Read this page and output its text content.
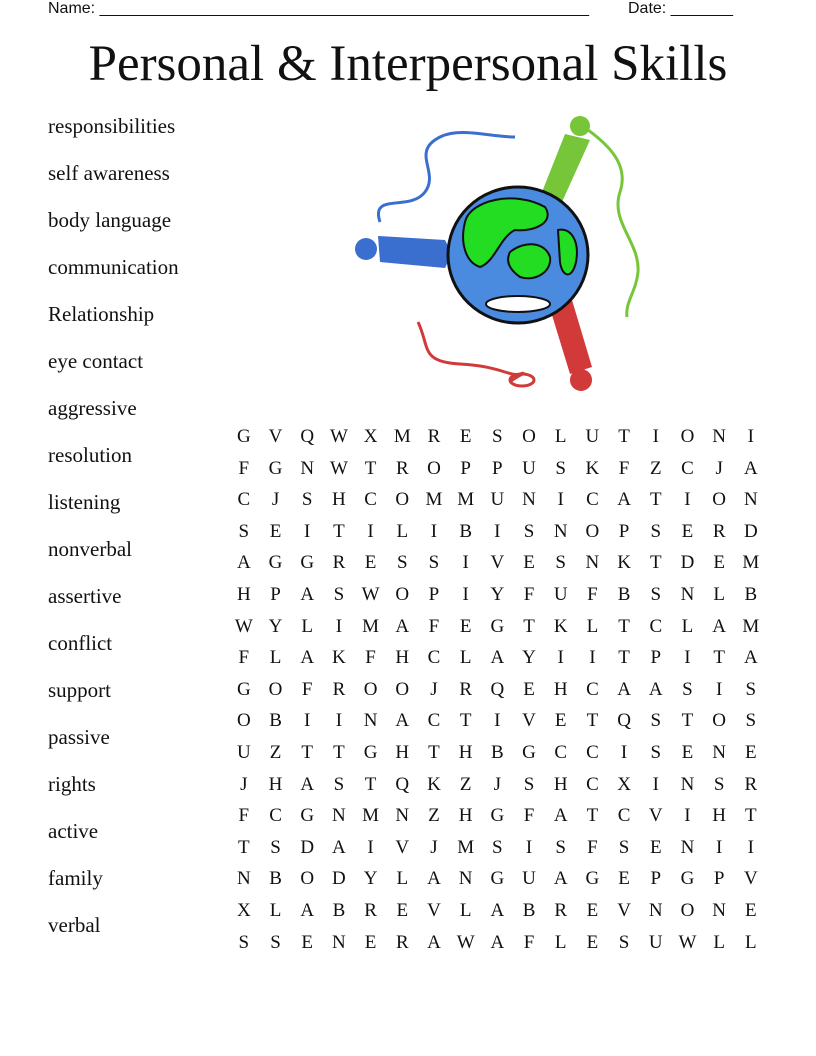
Name: _______________________________________________________ Date: _______
Personal & Interpersonal Skills
responsibilities
self awareness
body language
communication
Relationship
eye contact
aggressive
resolution
listening
nonverbal
assertive
conflict
support
passive
rights
active
family
verbal
G	V	Q	W	X	M	R	E	S	O	L	U	T	I	O	N	I
F	G	N	W	T	R	O	P	P	U	S	K	F	Z	C	J	A
C	J	S	H	C	O	M	M	U	N	I	C	A	T	I	O	N
S	E	I	T	I	L	I	B	I	S	N	O	P	S	E	R	D
A	G	G	R	E	S	S	I	V	E	S	N	K	T	D	E	M
H	P	A	S	W	O	P	I	Y	F	U	F	B	S	N	L	B
W	Y	L	I	M	A	F	E	G	T	K	L	T	C	L	A	M
F	L	A	K	F	H	C	L	A	Y	I	I	T	P	I	T	A
G	O	F	R	O	O	J	R	Q	E	H	C	A	A	S	I	S
O	B	I	I	N	A	C	T	I	V	E	T	Q	S	T	O	S
U	Z	T	T	G	H	T	H	B	G	C	C	I	S	E	N	E
J	H	A	S	T	Q	K	Z	J	S	H	C	X	I	N	S	R
F	C	G	N	M	N	Z	H	G	F	A	T	C	V	I	H	T
T	S	D	A	I	V	J	M	S	I	S	F	S	E	N	I	I
N	B	O	D	Y	L	A	N	G	U	A	G	E	P	G	P	V
X	L	A	B	R	E	V	L	A	B	R	E	V	N	O	N	E
S	S	E	N	E	R	A	W	A	F	L	E	S	U	W	L	L
